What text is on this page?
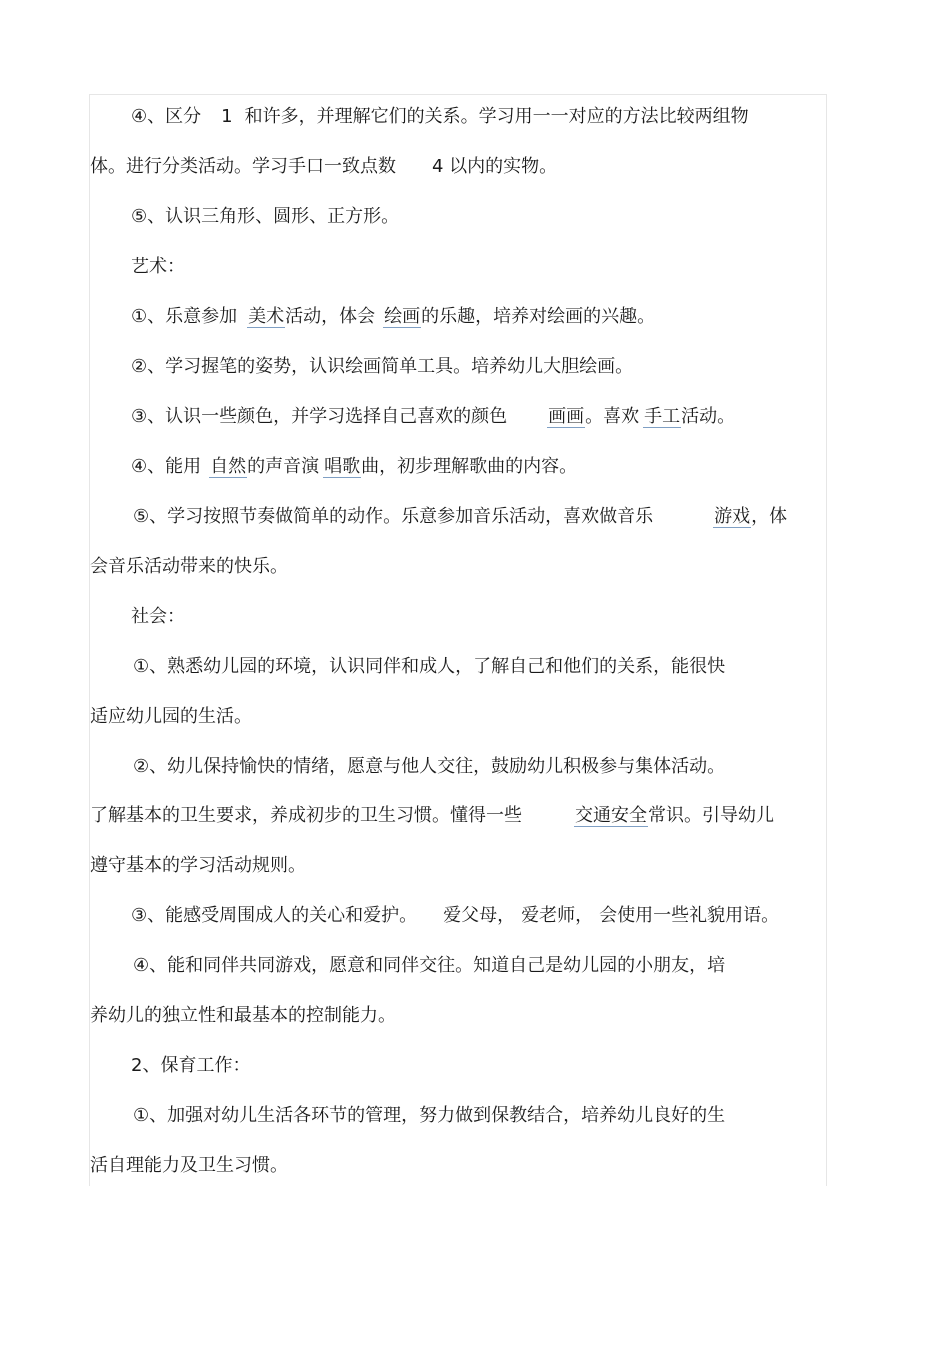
④、区分 1 和许多，并理解它们的关系。学习用一一对应的方法比较两组物
体。进行分类活动。学习手口一致点数 4 以内的实物。
⑤、认识三角形、圆形、正方形。
艺术：
①、乐意参加 美术活动，体会 绘画的乐趣，培养对绘画的兴趣。
②、学习握笔的姿势，认识绘画简单工具。培养幼儿大胆绘画。
③、认识一些颜色，并学习选择自己喜欢的颜色 画画。喜欢 手工活动。
④、能用 自然的声音演 唱歌曲，初步理解歌曲的内容。
⑤、学习按照节奏做简单的动作。乐意参加音乐活动，喜欢做音乐	游戏，体
会音乐活动带来的快乐。
社会：
①、熟悉幼儿园的环境，认识同伴和成人，了解自己和他们的关系，能很快
适应幼儿园的生活。
②、幼儿保持愉快的情绪，愿意与他人交往，鼓励幼儿积极参与集体活动。
了解基本的卫生要求，养成初步的卫生习惯。懂得一些	交通安全常识。引导幼儿
遵守基本的学习活动规则。
③、能感受周围成人的关心和爱护。 爱父母， 爱老师， 会使用一些礼貌用语。
④、能和同伴共同游戏，愿意和同伴交往。知道自己是幼儿园的小朋友，培
养幼儿的独立性和最基本的控制能力。
2、保育工作：
①、加强对幼儿生活各环节的管理，努力做到保教结合，培养幼儿良好的生
活自理能力及卫生习惯。
